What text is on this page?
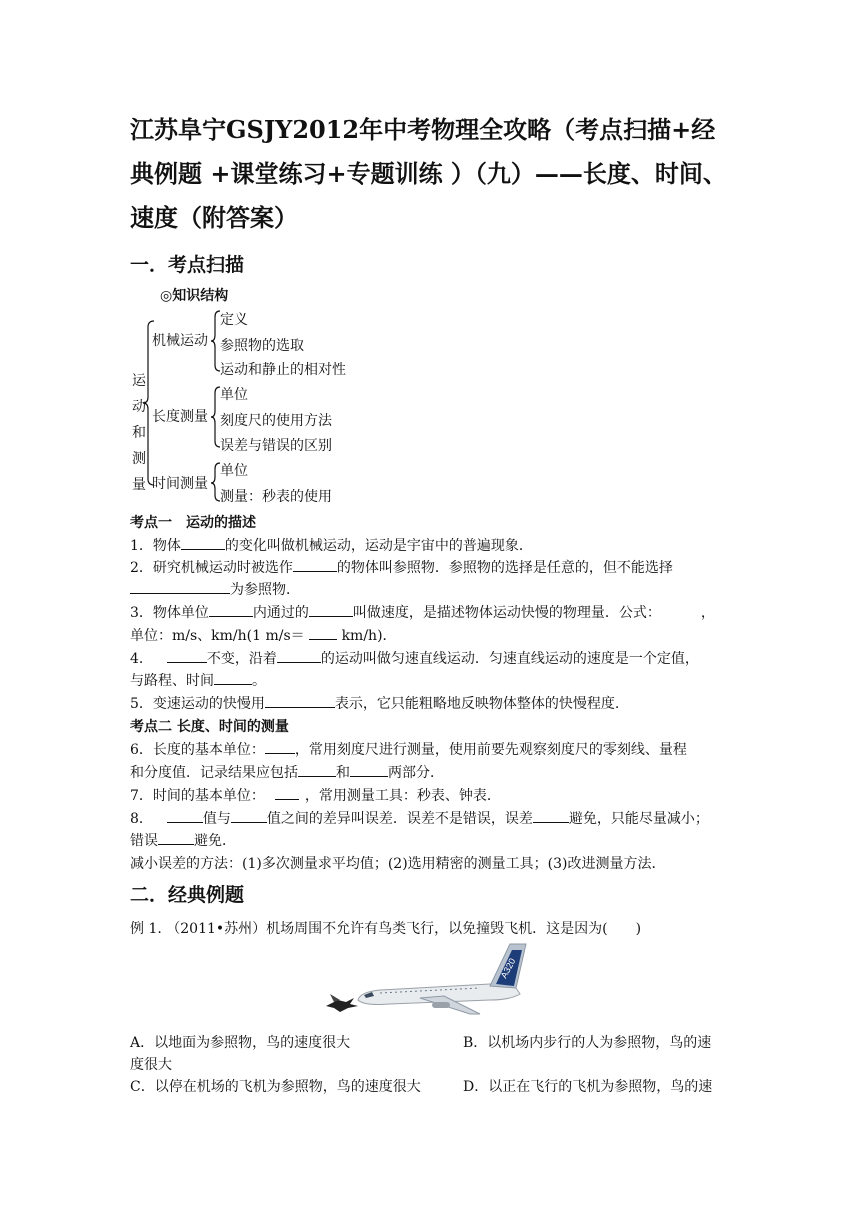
江苏阜宁GSJY2012年中考物理全攻略（考点扫描+经典例题 +课堂练习+专题训练 ）（九）——长度、时间、速度（附答案）
一．考点扫描
◎知识结构
运
动
和
测
量
机械运动
定义
参照物的选取
运动和静止的相对性
长度测量
单位
刻度尺的使用方法
误差与错误的区别
时间测量
单位
测量：秒表的使用
考点一　运动的描述
1．物体	的变化叫做机械运动，运动是宇宙中的普遍现象．
2．研究机械运动时被选作	的物体叫参照物．参照物的选择是任意的，但不能选择
为参照物．
3．物体单位	内通过的	叫做速度，是描述物体运动快慢的物理量．公式：	，
单位：m/s、km/h(1 m/s＝  km/h)．
4．	不变，沿着	的运动叫做匀速直线运动．匀速直线运动的速度是一个定值，
与路程、时间	。
5．变速运动的快慢用	表示，它只能粗略地反映物体整体的快慢程度.
考点二 长度、时间的测量
6．长度的基本单位： ，常用刻度尺进行测量，使用前要先观察刻度尺的零刻线、量程
和分度值．记录结果应包括	和	两部分．
7．时间的基本单位：	，常用测量工具：秒表、钟表．
8．	值与	值之间的差异叫误差．误差不是错误，误差	避免，只能尽量减小；
错误	避免．
减小误差的方法：(1)多次测量求平均值；(2)选用精密的测量工具；(3)改进测量方法．
二．经典例题
例 1. （2011•苏州）机场周围不允许有鸟类飞行，以免撞毁飞机．这是因为(　　)
A320
A．以地面为参照物，鸟的速度很大	B．以机场内步行的人为参照物，鸟的速
度很大
C．以停在机场的飞机为参照物，鸟的速度很大	D．以正在飞行的飞机为参照物，鸟的速
